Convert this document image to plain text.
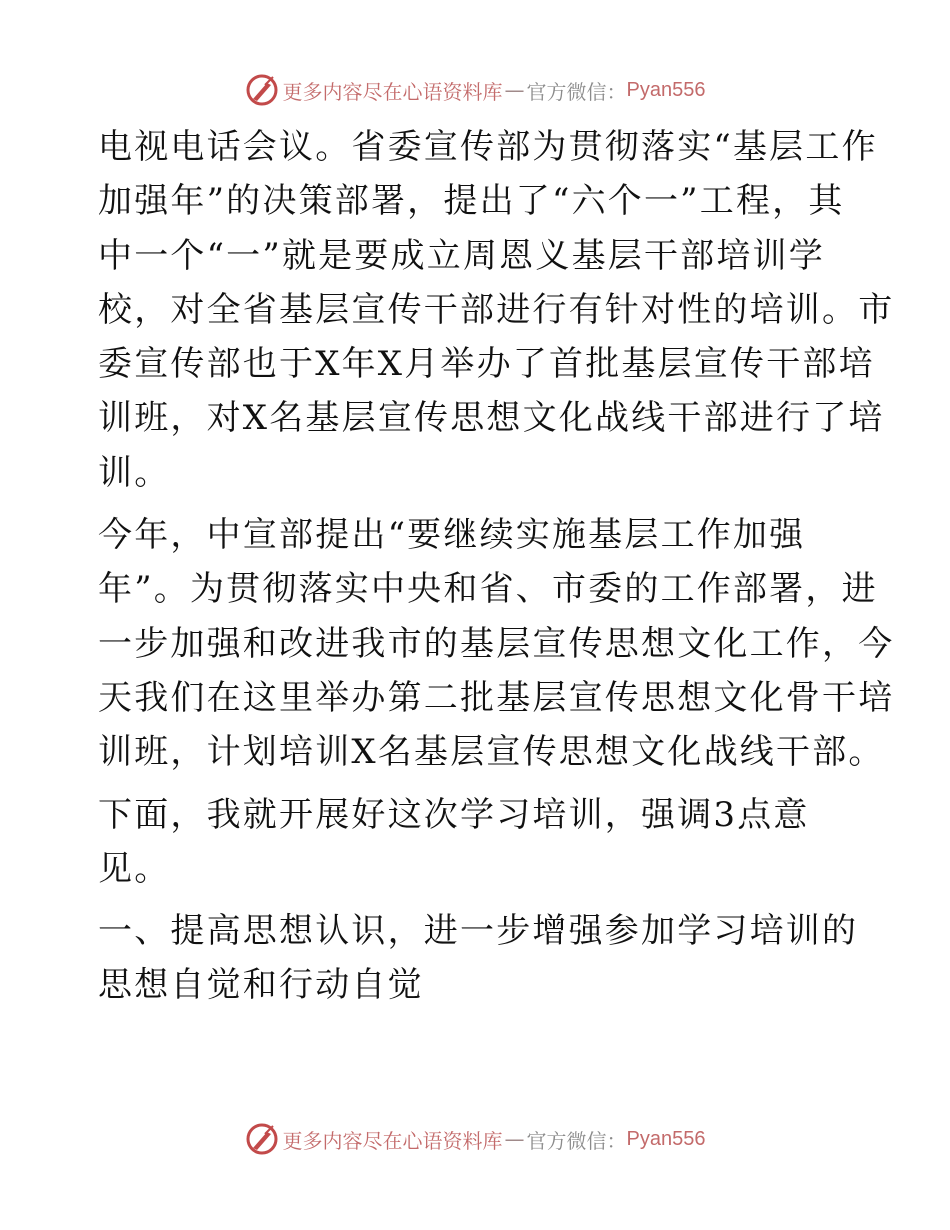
更多内容尽在心语资料库 — 官方微信： Pyan556
电视电话会议。省委宣传部为贯彻落实“基层工作
加强年”的决策部署，提出了“六个一”工程，其
中一个“一”就是要成立周恩义基层干部培训学
校，对全省基层宣传干部进行有针对性的培训。市
委宣传部也于X年X月举办了首批基层宣传干部培
训班，对X名基层宣传思想文化战线干部进行了培
训。
今年，中宣部提出“要继续实施基层工作加强
年”。为贯彻落实中央和省、市委的工作部署，进
一步加强和改进我市的基层宣传思想文化工作，今
天我们在这里举办第二批基层宣传思想文化骨干培
训班，计划培训X名基层宣传思想文化战线干部。
下面，我就开展好这次学习培训，强调3点意
见。
一、提高思想认识，进一步增强参加学习培训的
思想自觉和行动自觉
更多内容尽在心语资料库 — 官方微信： Pyan556
